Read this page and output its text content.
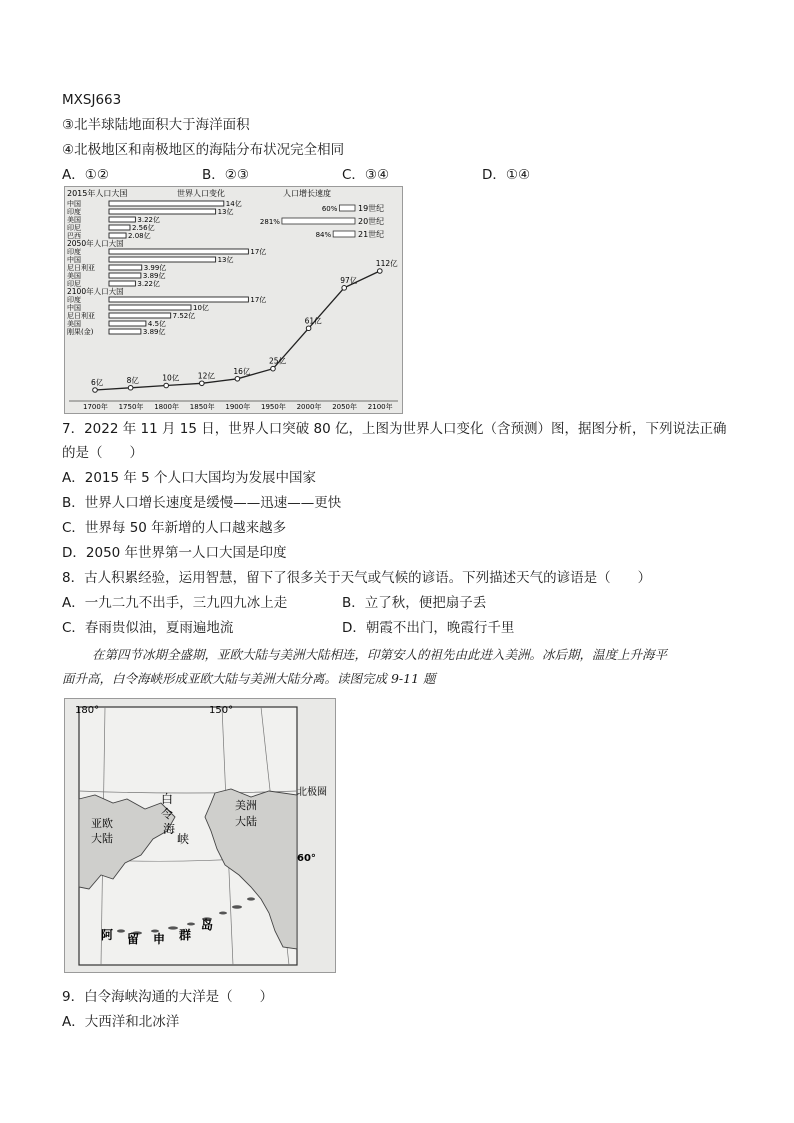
MXSJ663
③北半球陆地面积大于海洋面积
④北极地区和南极地区的海陆分布状况完全相同
A．①②	B．②③	C．③④	D．①④
2015年人口大国	世界人口变化	人口增长速度
60%	19世纪
281%	20世纪
84%	21世纪
中国	14亿
印度	13亿
美国	3.22亿
印尼	2.56亿
巴西	2.08亿
2050年人口大国
印度	17亿
中国	13亿
尼日利亚	3.99亿
美国	3.89亿
印尼	3.22亿
2100年人口大国
印度	17亿
中国	10亿
尼日利亚	7.52亿
美国	4.5亿
刚果(金)	3.89亿
6亿	8亿	10亿 12亿 16亿
25亿
61亿
97亿
112亿
1700年 1750年 1800年 1850年 1900年 1950年 2000年 2050年 2100年
7．2022 年 11 月 15 日，世界人口突破 80 亿，上图为世界人口变化（含预测）图，据图分析，下列说法正确
的是（　　）
A．2015 年 5 个人口大国均为发展中国家
B．世界人口增长速度是缓慢——迅速——更快
C．世界每 50 年新增的人口越来越多
D．2050 年世界第一人口大国是印度
8．古人积累经验，运用智慧，留下了很多关于天气或气候的谚语。下列描述天气的谚语是（　　）
A．一九二九不出手，三九四九冰上走	B．立了秋，便把扇子丢
C．春雨贵似油，夏雨遍地流	D．朝霞不出门，晚霞行千里
在第四节冰期全盛期，亚欧大陆与美洲大陆相连，印第安人的祖先由此进入美洲。冰后期，温度上升海平
面升高，白令海峡形成亚欧大陆与美洲大陆分离。读图完成 9-11 题
180°	150°
北极圈
60°
亚欧
大陆
白
令
海
峡
美洲
大陆
阿 留 申 群
岛
9．白令海峡沟通的大洋是（　　）
A．大西洋和北冰洋
